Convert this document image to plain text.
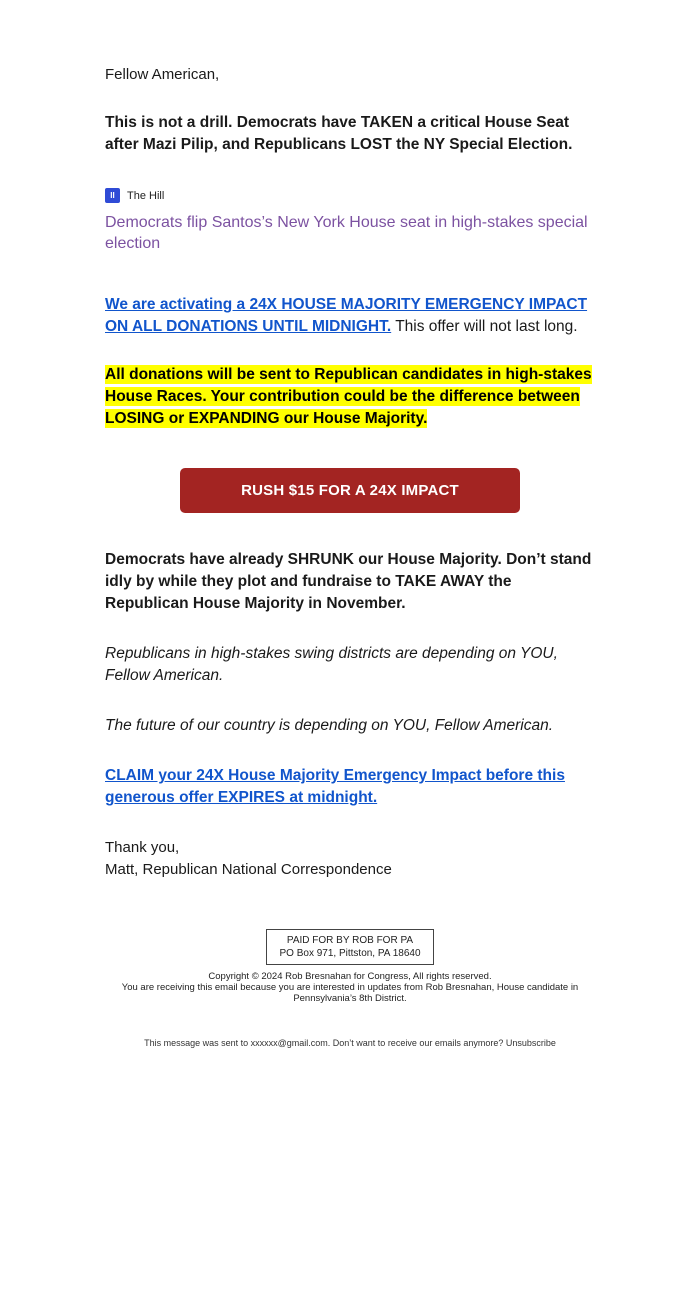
Fellow American,

This is not a drill. Democrats have TAKEN a critical House Seat after Mazi Pilip, and Republicans LOST the NY Special Election.

II	The Hill
Democrats flip Santos’s New York House seat in high-stakes special election

We are activating a 24X HOUSE MAJORITY EMERGENCY IMPACT ON ALL DONATIONS UNTIL MIDNIGHT. This offer will not last long.

All donations will be sent to Republican candidates in high-stakes House Races. Your contribution could be the difference between LOSING or EXPANDING our House Majority.

RUSH $15 FOR A 24X IMPACT

Democrats have already SHRUNK our House Majority. Don’t stand idly by while they plot and fundraise to TAKE AWAY the Republican House Majority in November.

Republicans in high-stakes swing districts are depending on YOU, Fellow American.

The future of our country is depending on YOU, Fellow American.

CLAIM your 24X House Majority Emergency Impact before this generous offer EXPIRES at midnight.

Thank you,
Matt, Republican National Correspondence
PAID FOR BY ROB FOR PA
PO Box 971, Pittston, PA 18640

Copyright © 2024 Rob Bresnahan for Congress, All rights reserved.

You are receiving this email because you are interested in updates from Rob Bresnahan, House candidate in Pennsylvania’s 8th District.

This message was sent to xxxxxx@gmail.com. Don’t want to receive our emails anymore? Unsubscribe
